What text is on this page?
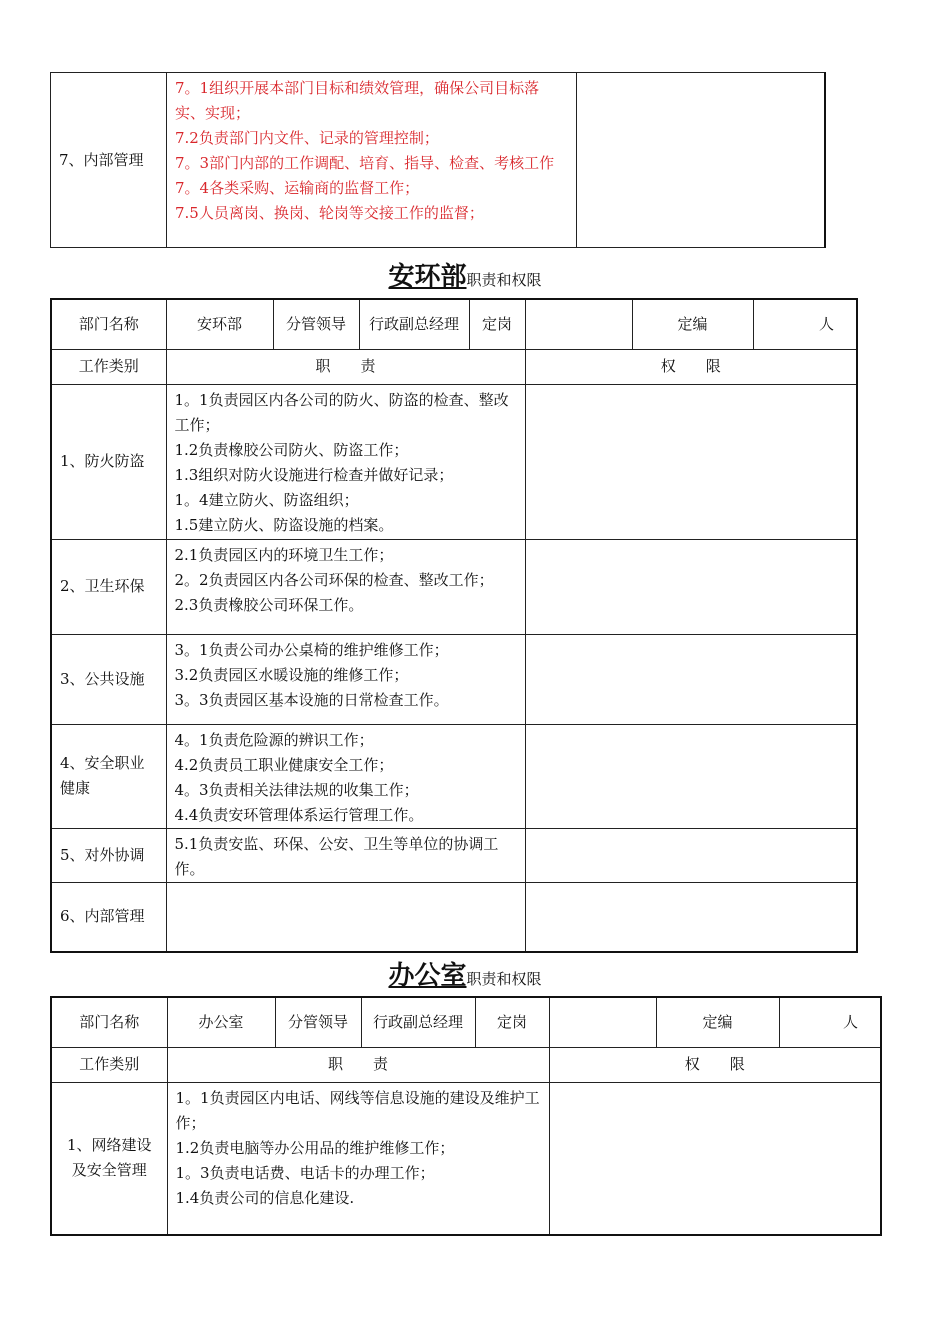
7、内部管理	
7。1组织开展本部门目标和绩效管理，确保公司目标落实、实现；
7.2负责部门内文件、记录的管理控制；
7。3部门内部的工作调配、培育、指导、检查、考核工作
7。4各类采购、运输商的监督工作；
7.5人员离岗、换岗、轮岗等交接工作的监督；

安环部职责和权限
部门名称	安环部	分管领导	行政副总经理	定岗		定编	人
工作类别	职　　责				权　　限		
1、防火防盗	1。1负责园区内各公司的防火、防盗的检查、整改工作；
1.2负责橡胶公司防火、防盗工作；
1.3组织对防火设施进行检查并做好记录；
1。4建立防火、防盗组织；
1.5建立防火、防盗设施的档案。						

2、卫生环保	2.1负责园区内的环境卫生工作；
2。2负责园区内各公司环保的检查、整改工作；
2.3负责橡胶公司环保工作。						

3、公共设施	3。1负责公司办公桌椅的维护维修工作；
3.2负责园区水暖设施的维修工作；
3。3负责园区基本设施的日常检查工作。						

4、安全职业健康	4。1负责危险源的辨识工作；
4.2负责员工职业健康安全工作；
4。3负责相关法律法规的收集工作；
4.4负责安环管理体系运行管理工作。						

5、对外协调	5.1负责安监、环保、公安、卫生等单位的协调工作。						

6、内部管理							
办公室职责和权限
部门名称	办公室	分管领导	行政副总经理	定岗		定编	人
工作类别	职　　责				权　　限		
1、网络建设及安全管理	1。1负责园区内电话、网线等信息设施的建设及维护工作；
1.2负责电脑等办公用品的维护维修工作；
1。3负责电话费、电话卡的办理工作；
1.4负责公司的信息化建设.						
